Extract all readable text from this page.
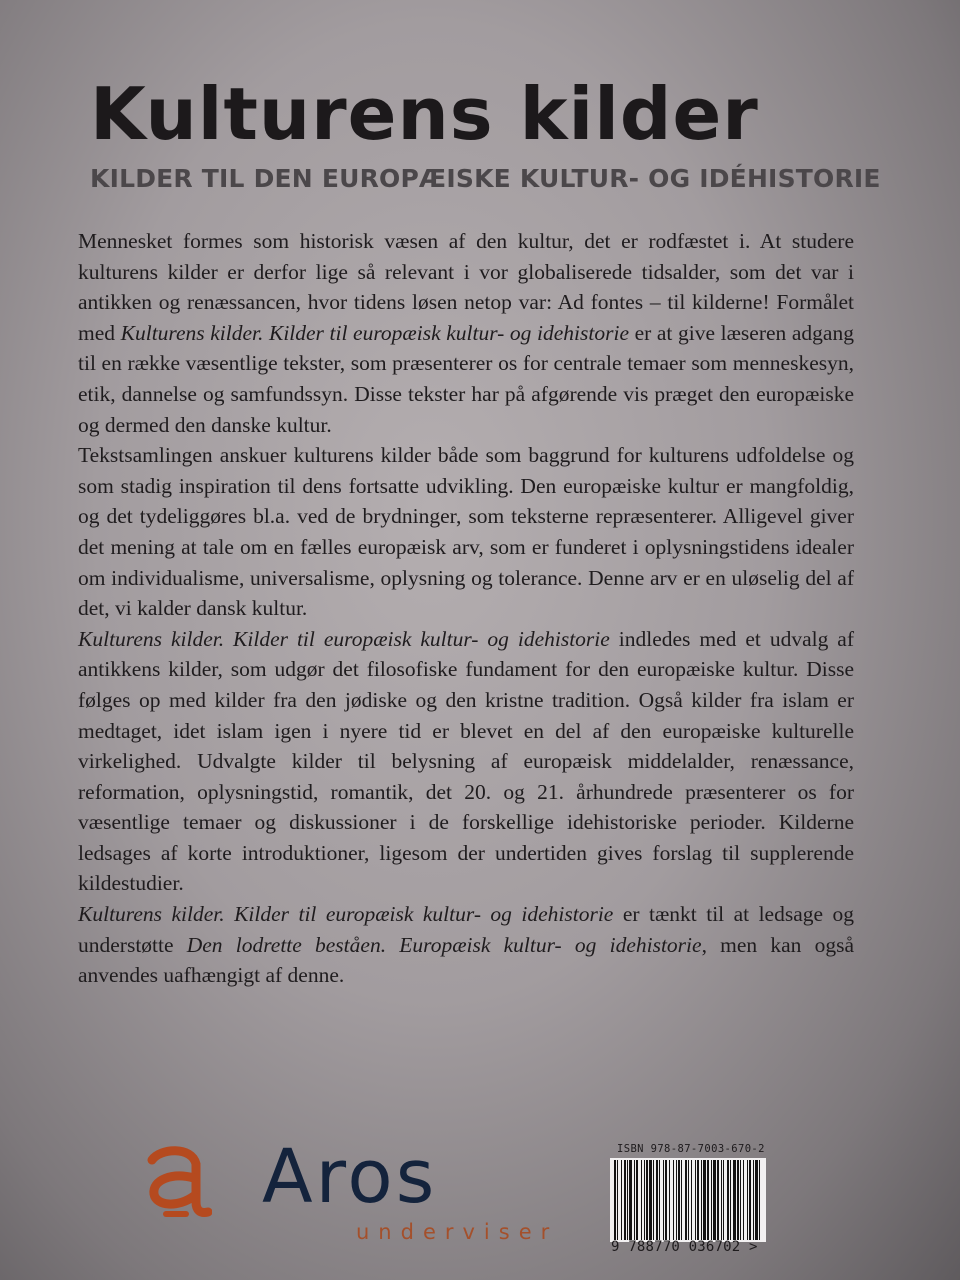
Kulturens kilder
KILDER TIL DEN EUROPÆISKE KULTUR- OG IDÉHISTORIE

Mennesket formes som historisk væsen af den kultur, det er rodfæstet i. At studere kulturens kilder er derfor lige så relevant i vor globaliserede tidsalder, som det var i antikken og renæssancen, hvor tidens løsen netop var: Ad fontes – til kilderne! Formålet med Kulturens kilder. Kilder til europæisk kultur- og idehistorie er at give læseren adgang til en række væsentlige tekster, som præsenterer os for centrale temaer som menneskesyn, etik, dannelse og samfundssyn. Disse tekster har på afgørende vis præget den europæiske og dermed den danske kultur.

Tekstsamlingen anskuer kulturens kilder både som baggrund for kulturens udfoldelse og som stadig inspiration til dens fortsatte udvikling. Den europæiske kultur er mangfoldig, og det tydeliggøres bl.a. ved de brydninger, som teksterne repræsenterer. Alligevel giver det mening at tale om en fælles europæisk arv, som er funderet i oplysningstidens idealer om individualisme, universalisme, oplysning og tolerance. Denne arv er en uløselig del af det, vi kalder dansk kultur.

Kulturens kilder. Kilder til europæisk kultur- og idehistorie indledes med et udvalg af antikkens kilder, som udgør det filosofiske fundament for den europæiske kultur. Disse følges op med kilder fra den jødiske og den kristne tradition. Også kilder fra islam er medtaget, idet islam igen i nyere tid er blevet en del af den europæiske kulturelle virkelighed. Udvalgte kilder til belysning af europæisk middelalder, renæssance, reformation, oplysningstid, romantik, det 20. og 21. århundrede præsenterer os for væsentlige temaer og diskussioner i de forskellige idehistoriske perioder. Kilderne ledsages af korte introduktioner, ligesom der undertiden gives forslag til supplerende kildestudier.

Kulturens kilder. Kilder til europæisk kultur- og idehistorie er tænkt til at ledsage og understøtte Den lodrette beståen. Europæisk kultur- og idehistorie, men kan også anvendes uafhængigt af denne.

Aros
underviser
ISBN 978-87-7003-670-2
9 788770 036702 >
